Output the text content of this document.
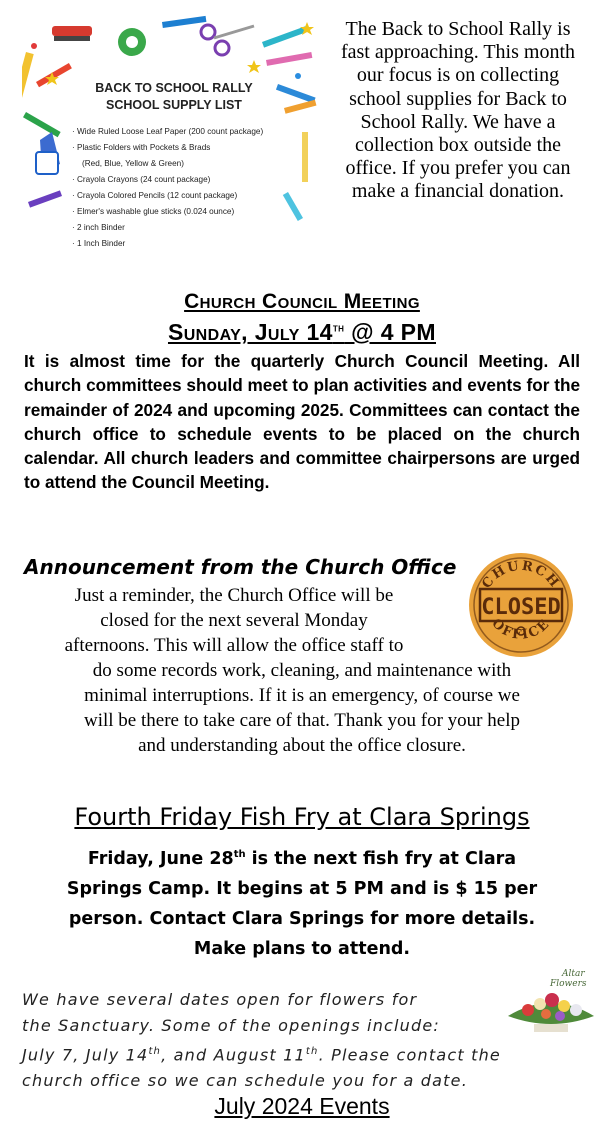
BACK TO SCHOOL RALLY
SCHOOL SUPPLY LIST
· Wide Ruled Loose Leaf Paper (200 count package)
· Plastic Folders with Pockets & Brads
(Red, Blue, Yellow & Green)
· Crayola Crayons (24 count package)
· Crayola Colored Pencils (12 count package)
· Elmer's washable glue sticks (0.024 ounce)
· 2 inch Binder
· 1 Inch Binder
The Back to School Rally is fast approaching. This month our focus is on collecting school supplies for Back to School Rally. We have a collection box outside the office. If you prefer you can make a financial donation.
Church Council Meeting
Sunday, July 14th @ 4 PM
It is almost time for the quarterly Church Council Meeting. All church committees should meet to plan activities and events for the remainder of 2024 and upcoming 2025. Committees can contact the church office to schedule events to be placed on the church calendar. All church leaders and committee chairpersons are urged to attend the Council Meeting.
Announcement from the Church Office
CHURCH
CLOSED
OFFICE
Just a reminder, the Church Office will be
closed for the next several Monday
afternoons. This will allow the office staff to
do some records work, cleaning, and maintenance with
minimal interruptions. If it is an emergency, of course we
will be there to take care of that. Thank you for your help
and understanding about the office closure.
Fourth Friday Fish Fry at Clara Springs
Friday, June 28th is the next fish fry at Clara
Springs Camp. It begins at 5 PM and is $ 15 per
person. Contact Clara Springs for more details.
Make plans to attend.
Altar
Flowers
We have several dates open for flowers for
the Sanctuary. Some of the openings include:
July 7, July 14th, and August 11th. Please contact the
church office so we can schedule you for a date.
July 2024 Events
